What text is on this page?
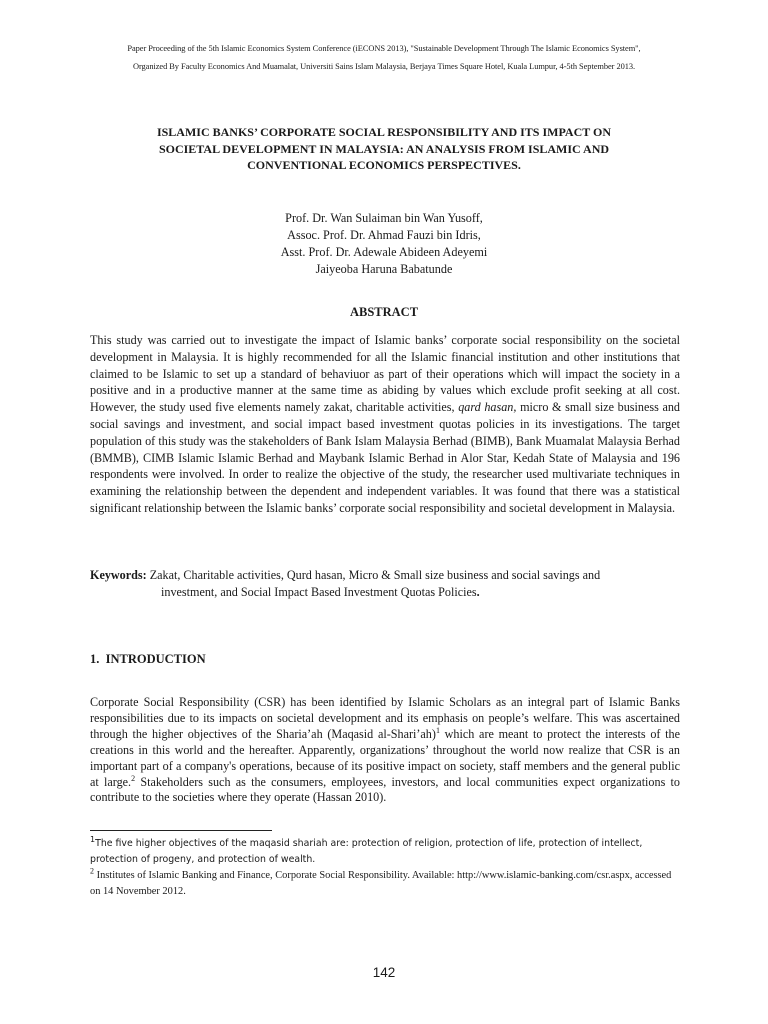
Paper Proceeding of the 5th Islamic Economics System Conference (iECONS 2013), "Sustainable Development Through The Islamic Economics System",
Organized By Faculty Economics And Muamalat, Universiti Sains Islam Malaysia, Berjaya Times Square Hotel, Kuala Lumpur, 4-5th September 2013.
ISLAMIC BANKS’ CORPORATE SOCIAL RESPONSIBILITY AND ITS IMPACT ON
SOCIETAL DEVELOPMENT IN MALAYSIA: AN ANALYSIS FROM ISLAMIC AND
CONVENTIONAL ECONOMICS PERSPECTIVES.
Prof. Dr. Wan Sulaiman bin Wan Yusoff,
Assoc. Prof. Dr. Ahmad Fauzi bin Idris,
Asst. Prof. Dr. Adewale Abideen Adeyemi
Jaiyeoba Haruna Babatunde
ABSTRACT
This study was carried out to investigate the impact of Islamic banks’ corporate social responsibility on the societal development in Malaysia. It is highly recommended for all the Islamic financial institution and other institutions that claimed to be Islamic to set up a standard of behaviuor as part of their operations which will impact the society in a positive and in a productive manner at the same time as abiding by values which exclude profit seeking at all cost. However, the study used five elements namely zakat, charitable activities, qard hasan, micro & small size business and social savings and investment, and social impact based investment quotas policies in its investigations. The target population of this study was the stakeholders of Bank Islam Malaysia Berhad (BIMB), Bank Muamalat Malaysia Berhad (BMMB), CIMB Islamic Islamic Berhad and Maybank Islamic Berhad in Alor Star, Kedah State of Malaysia and 196 respondents were involved. In order to realize the objective of the study, the researcher used multivariate techniques in examining the relationship between the dependent and independent variables. It was found that there was a statistical significant relationship between the Islamic banks’ corporate social responsibility and societal development in Malaysia.
Keywords: Zakat, Charitable activities, Qurd hasan, Micro & Small size business and social savings and
investment, and Social Impact Based Investment Quotas Policies.
1. INTRODUCTION
Corporate Social Responsibility (CSR) has been identified by Islamic Scholars as an integral part of Islamic Banks responsibilities due to its impacts on societal development and its emphasis on people’s welfare. This was ascertained through the higher objectives of the Sharia’ah (Maqasid al-Shari’ah)$^1$ which are meant to protect the interests of the creations in this world and the hereafter. Apparently, organizations’ throughout the world now realize that CSR is an important part of a company's operations, because of its positive impact on society, staff members and the general public at large.$^2$ Stakeholders such as the consumers, employees, investors, and local communities expect organizations to contribute to the societies where they operate (Hassan 2010).
$^1$The five higher objectives of the maqasid shariah are: protection of religion, protection of life, protection of intellect, protection of progeny, and protection of wealth.
$^2$ Institutes of Islamic Banking and Finance, Corporate Social Responsibility. Available: http://www.islamic-banking.com/csr.aspx, accessed on 14 November 2012.
142
